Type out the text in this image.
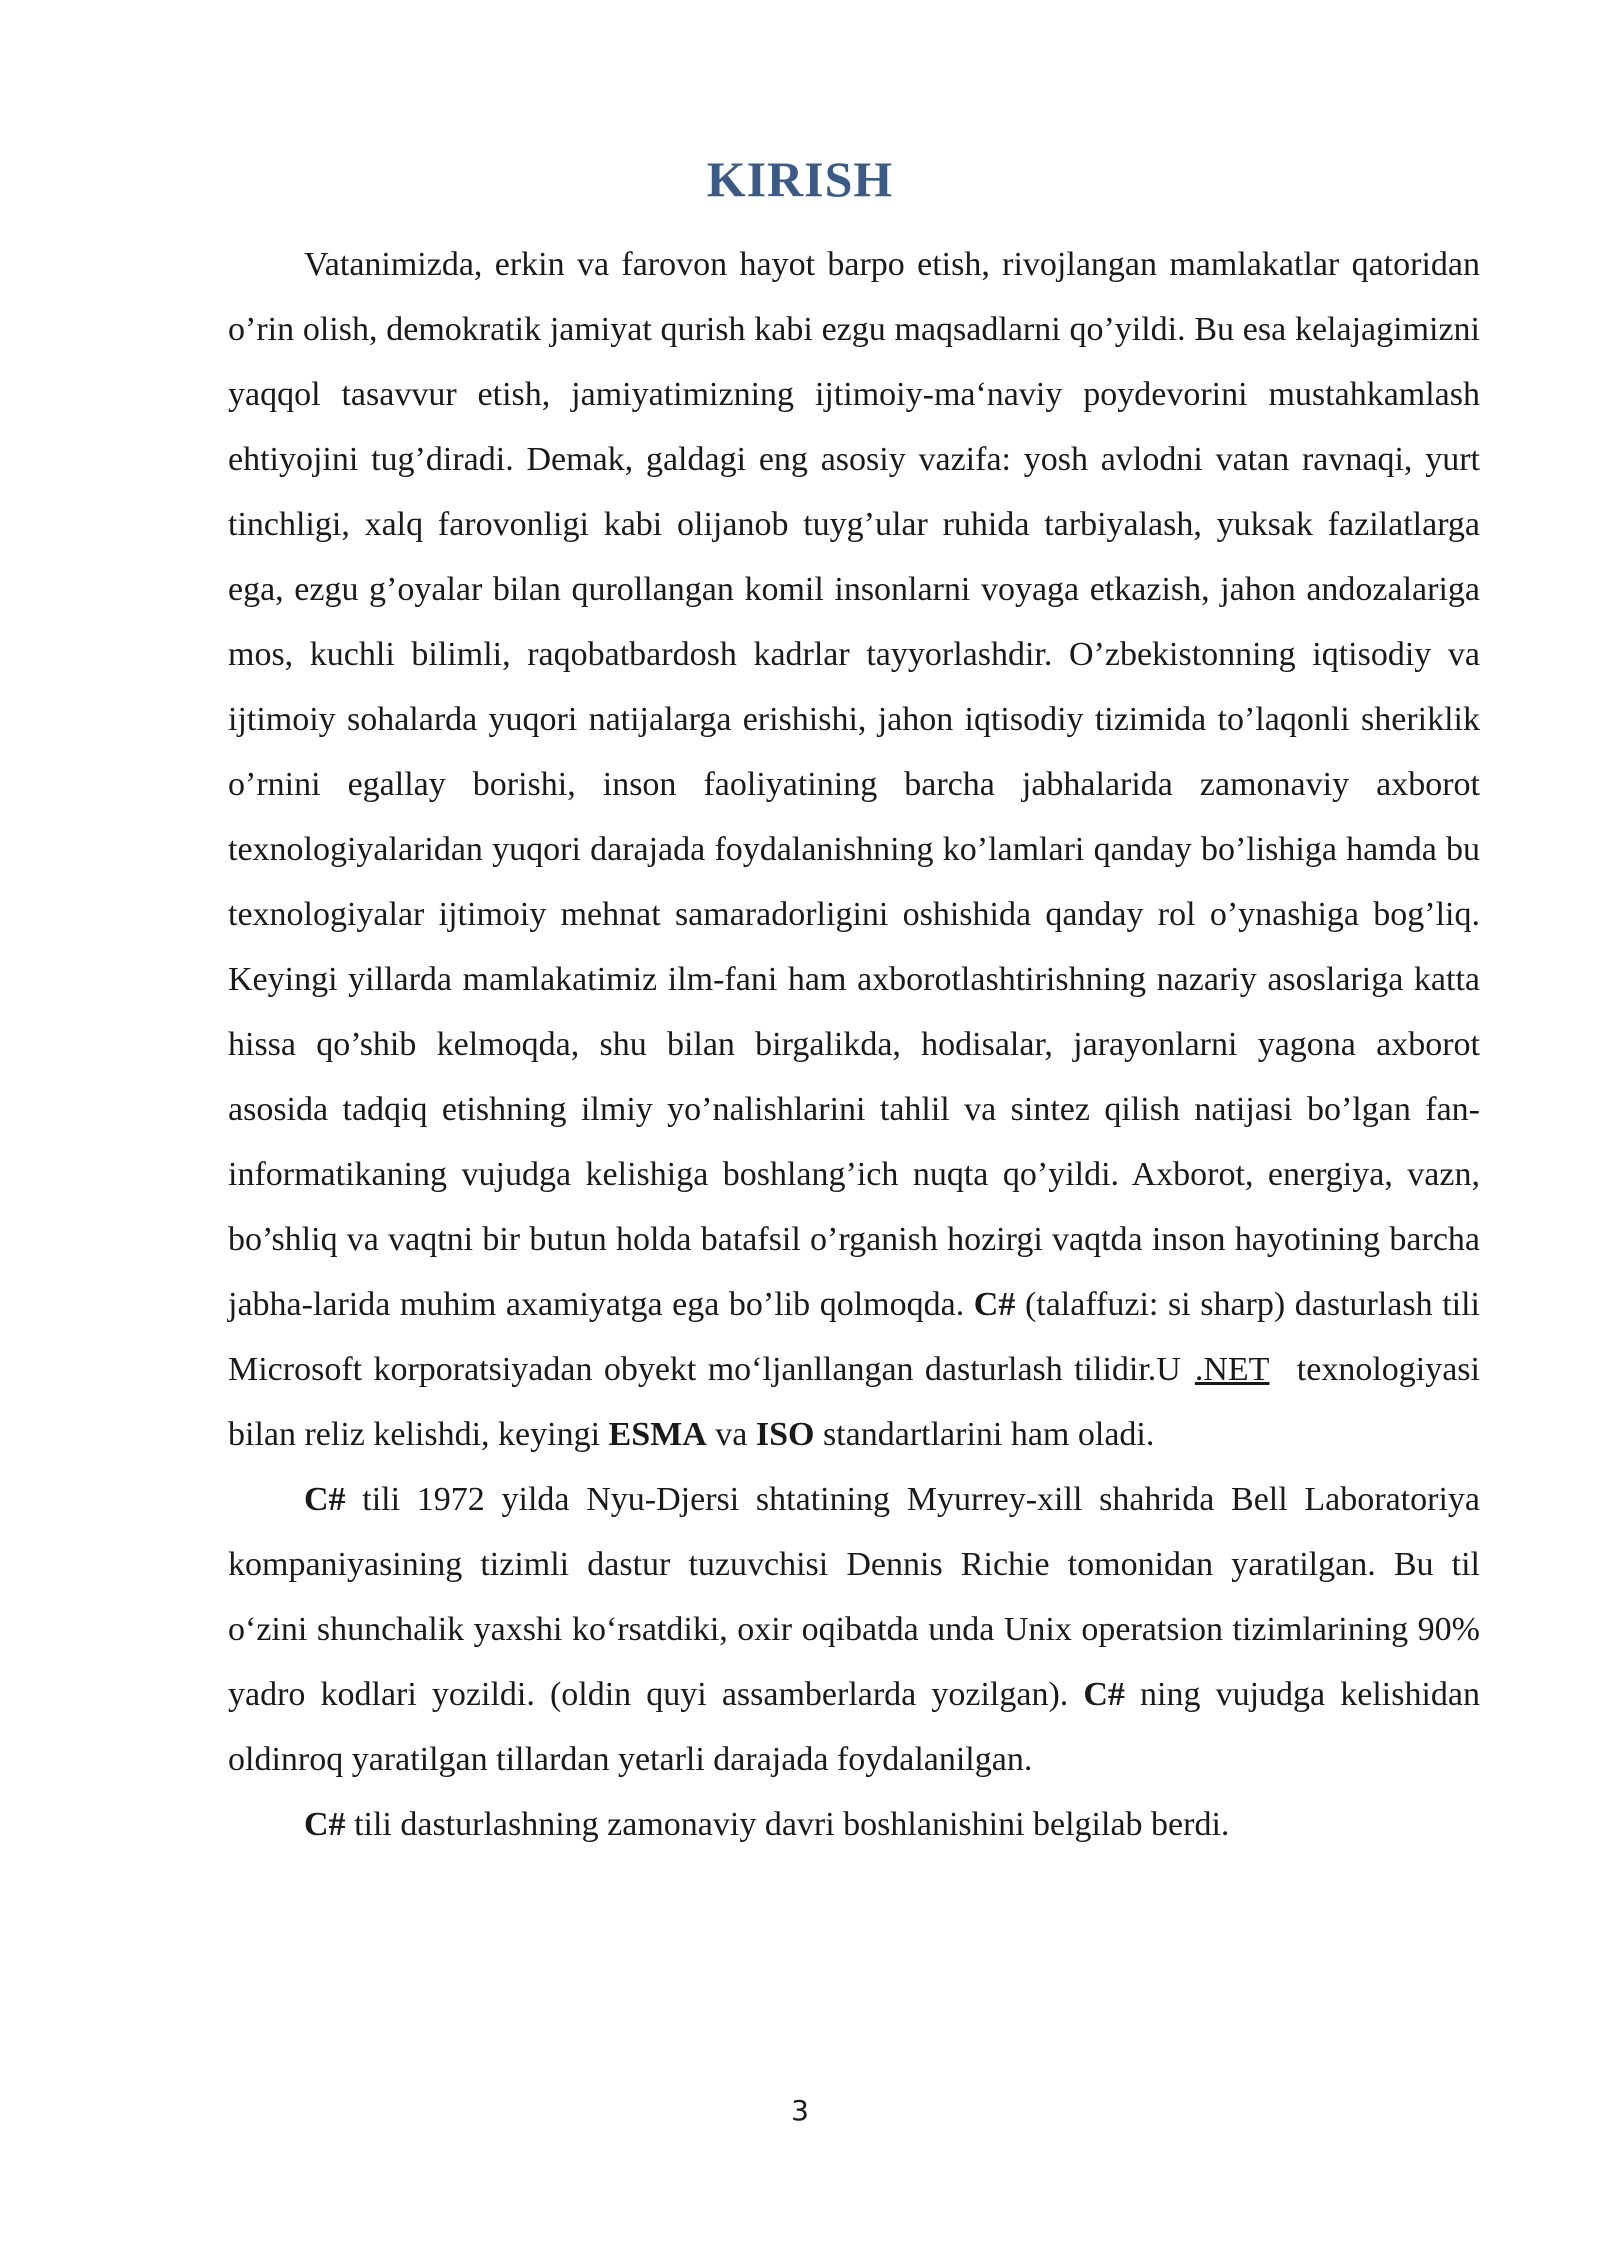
KIRISH

Vatanimizda, erkin va farovon hayot barpo etish, rivojlangan mamlakatlar qatoridan o’rin olish, demokratik jamiyat qurish kabi ezgu maqsadlarni qo’yildi. Bu esa kelajagimizni yaqqol tasavvur etish, jamiyatimizning ijtimoiy-ma‘naviy poydevorini mustahkamlash ehtiyojini tug’diradi. Demak, galdagi eng asosiy vazifa: yosh avlodni vatan ravnaqi, yurt tinchligi, xalq farovonligi kabi olijanob tuyg’ular ruhida tarbiyalash, yuksak fazilatlarga ega, ezgu g’oyalar bilan qurollangan komil insonlarni voyaga etkazish, jahon andozalariga mos, kuchli bilimli, raqobatbardosh kadrlar tayyorlashdir. O’zbekistonning iqtisodiy va ijtimoiy sohalarda yuqori natijalarga erishishi, jahon iqtisodiy tizimida to’laqonli sheriklik o’rnini egallay borishi, inson faoliyatining barcha jabhalarida zamonaviy axborot texnologiyalaridan yuqori darajada foydalanishning ko’lamlari qanday bo’lishiga hamda bu texnologiyalar ijtimoiy mehnat samaradorligini oshishida qanday rol o’ynashiga bog’liq. Keyingi yillarda mamlakatimiz ilm-fani ham axborotlashtirishning nazariy asoslariga katta hissa qo’shib kelmoqda, shu bilan birgalikda, hodisalar, jarayonlarni yagona axborot asosida tadqiq etishning ilmiy yo’nalishlarini tahlil va sintez qilish natijasi bo’lgan fan-informatikaning vujudga kelishiga boshlang’ich nuqta qo’yildi. Axborot, energiya, vazn, bo’shliq va vaqtni bir butun holda batafsil o’rganish hozirgi vaqtda inson hayotining barcha jabha-larida muhim axamiyatga ega bo’lib qolmoqda. C# (talaffuzi: si sharp) dasturlash tili Microsoft korporatsiyadan obyekt mo‘ljanllangan dasturlash tilidir.U .NET texnologiyasi bilan reliz kelishdi, keyingi ESMA va ISO standartlarini ham oladi.

C# tili 1972 yilda Nyu-Djersi shtatining Myurrey-xill shahrida Bell Laboratoriya kompaniyasining tizimli dastur tuzuvchisi Dennis Richie tomonidan yaratilgan. Bu til o‘zini shunchalik yaxshi ko‘rsatdiki, oxir oqibatda unda Unix operatsion tizimlarining 90% yadro kodlari yozildi. (oldin quyi assamberlarda yozilgan). C# ning vujudga kelishidan oldinroq yaratilgan tillardan yetarli darajada foydalanilgan.

C# tili dasturlashning zamonaviy davri boshlanishini belgilab berdi.

3
